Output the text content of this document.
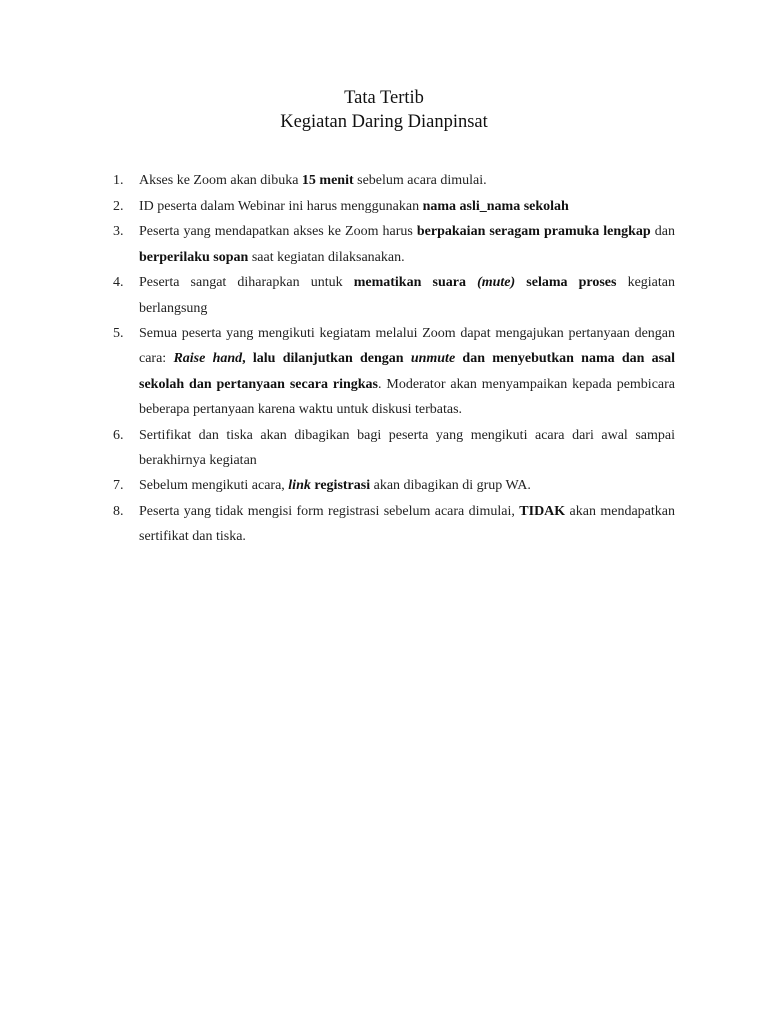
Tata Tertib
Kegiatan Daring Dianpinsat
1. Akses ke Zoom akan dibuka 15 menit sebelum acara dimulai.
2. ID peserta dalam Webinar ini harus menggunakan nama asli_nama sekolah
3. Peserta yang mendapatkan akses ke Zoom harus berpakaian seragam pramuka lengkap dan berperilaku sopan saat kegiatan dilaksanakan.
4. Peserta sangat diharapkan untuk mematikan suara (mute) selama proses kegiatan berlangsung
5. Semua peserta yang mengikuti kegiatam melalui Zoom dapat mengajukan pertanyaan dengan cara: Raise hand, lalu dilanjutkan dengan unmute dan menyebutkan nama dan asal sekolah dan pertanyaan secara ringkas. Moderator akan menyampaikan kepada pembicara beberapa pertanyaan karena waktu untuk diskusi terbatas.
6. Sertifikat dan tiska akan dibagikan bagi peserta yang mengikuti acara dari awal sampai berakhirnya kegiatan
7. Sebelum mengikuti acara, link registrasi akan dibagikan di grup WA.
8. Peserta yang tidak mengisi form registrasi sebelum acara dimulai, TIDAK akan mendapatkan sertifikat dan tiska.
